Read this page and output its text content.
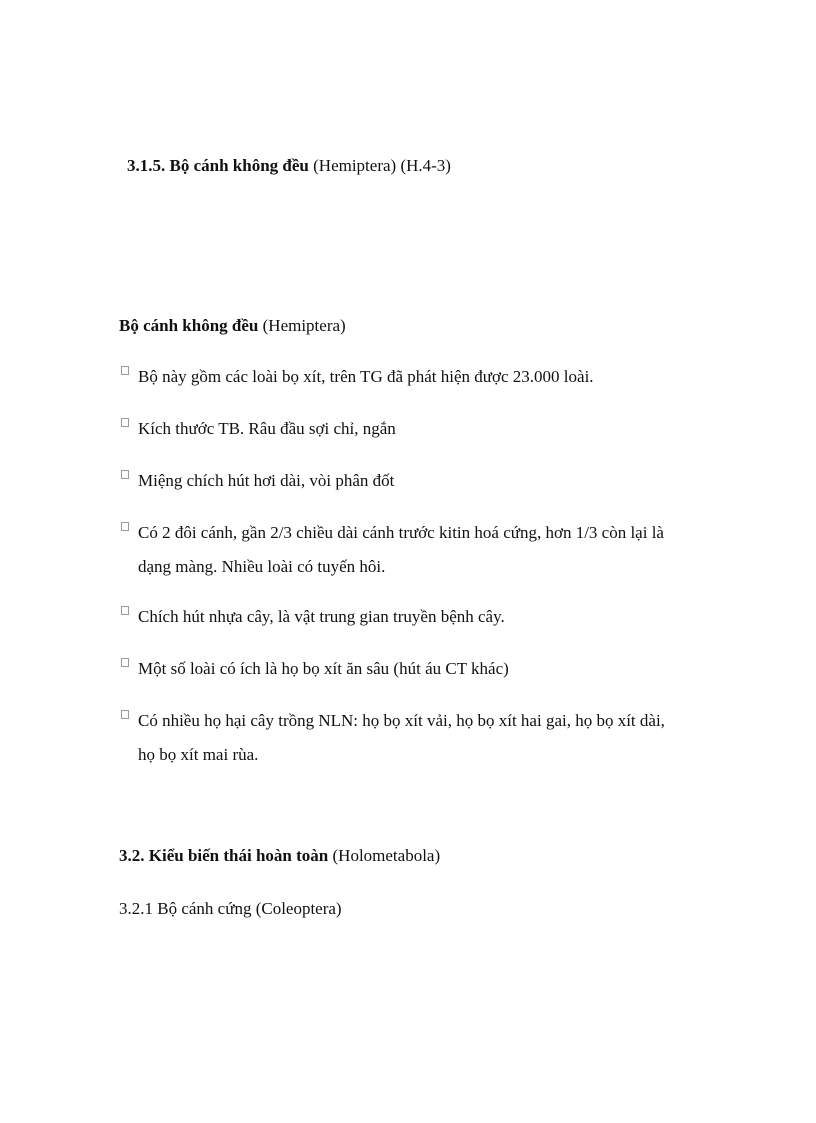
3.1.5. Bộ cánh không đều (Hemiptera) (H.4-3)
Bộ cánh không đều (Hemiptera)
Bộ này gồm các loài bọ xít, trên TG đã phát hiện được 23.000 loài.
Kích thước TB. Râu đầu sợi chỉ, ngắn
Miệng chích hút hơi dài, vòi phân đốt
Có 2 đôi cánh, gần 2/3 chiều dài cánh trước kitin hoá cứng, hơn 1/3 còn lại là
dạng màng. Nhiều loài có tuyến hôi.
Chích hút nhựa cây, là vật trung gian truyền bệnh cây.
Một số loài có ích là họ bọ xít ăn sâu (hút áu CT khác)
Có nhiều họ hại cây trồng NLN: họ bọ xít vải, họ bọ xít hai gai, họ bọ xít dài,
họ bọ xít mai rùa.
3.2. Kiểu biến thái hoàn toàn (Holometabola)
3.2.1 Bộ cánh cứng (Coleoptera)
